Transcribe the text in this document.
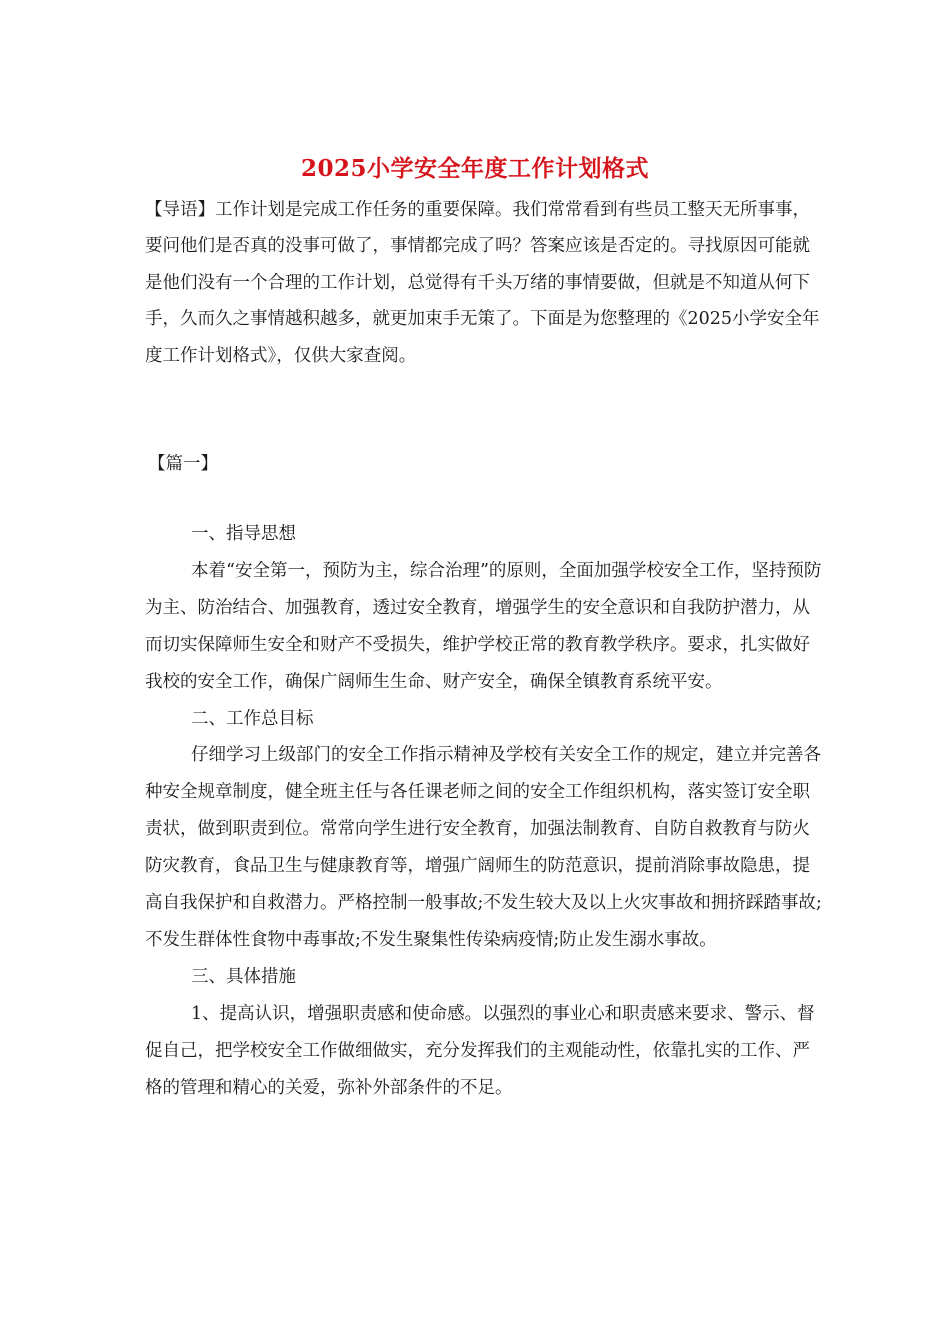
2025小学安全年度工作计划格式

【导语】工作计划是完成工作任务的重要保障。我们常常看到有些员工整天无所事事，要问他们是否真的没事可做了，事情都完成了吗？答案应该是否定的。寻找原因可能就是他们没有一个合理的工作计划，总觉得有千头万绪的事情要做，但就是不知道从何下手，久而久之事情越积越多，就更加束手无策了。下面是为您整理的《2025小学安全年度工作计划格式》，仅供大家查阅。

【篇一】

一、指导思想

本着“安全第一，预防为主，综合治理”的原则，全面加强学校安全工作，坚持预防为主、防治结合、加强教育，透过安全教育，增强学生的安全意识和自我防护潜力，从而切实保障师生安全和财产不受损失，维护学校正常的教育教学秩序。要求，扎实做好我校的安全工作，确保广阔师生生命、财产安全，确保全镇教育系统平安。

二、工作总目标

仔细学习上级部门的安全工作指示精神及学校有关安全工作的规定，建立并完善各种安全规章制度，健全班主任与各任课老师之间的安全工作组织机构，落实签订安全职责状，做到职责到位。常常向学生进行安全教育，加强法制教育、自防自救教育与防火防灾教育，食品卫生与健康教育等，增强广阔师生的防范意识，提前消除事故隐患，提高自我保护和自救潜力。严格控制一般事故;不发生较大及以上火灾事故和拥挤踩踏事故;不发生群体性食物中毒事故;不发生聚集性传染病疫情;防止发生溺水事故。

三、具体措施

1、提高认识，增强职责感和使命感。以强烈的事业心和职责感来要求、警示、督促自己，把学校安全工作做细做实，充分发挥我们的主观能动性，依靠扎实的工作、严格的管理和精心的关爱，弥补外部条件的不足。
